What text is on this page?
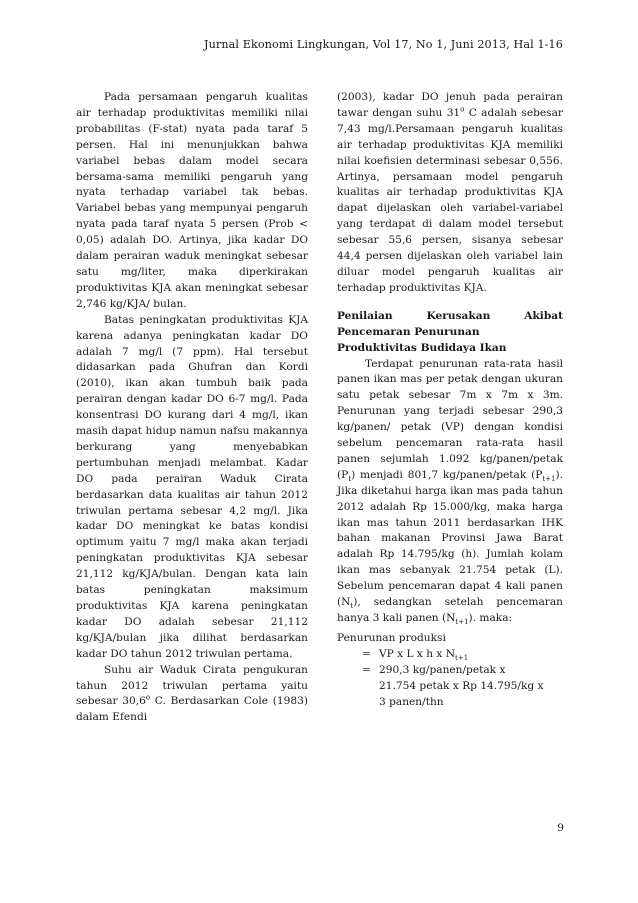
Jurnal Ekonomi Lingkungan, Vol 17, No 1, Juni 2013, Hal 1-16

Pada persamaan pengaruh kualitas air terhadap produktivitas memiliki nilai probabilitas (F-stat) nyata pada taraf 5 persen. Hal ini menunjukkan bahwa variabel bebas dalam model secara bersama-sama memiliki pengaruh yang nyata terhadap variabel tak bebas. Variabel bebas yang mempunyai pengaruh nyata pada taraf nyata 5 persen (Prob < 0,05) adalah DO. Artinya, jika kadar DO dalam perairan waduk meningkat sebesar satu mg/liter, maka diperkirakan produktivitas KJA akan meningkat sebesar 2,746 kg/KJA/ bulan.

Batas peningkatan produktivitas KJA karena adanya peningkatan kadar DO adalah 7 mg/l (7 ppm). Hal tersebut didasarkan pada Ghufran dan Kordi (2010), ikan akan tumbuh baik pada perairan dengan kadar DO 6-7 mg/l. Pada konsentrasi DO kurang dari 4 mg/l, ikan masih dapat hidup namun nafsu makannya berkurang yang menyebabkan pertumbuhan menjadi melambat. Kadar DO pada perairan Waduk Cirata berdasarkan data kualitas air tahun 2012 triwulan pertama sebesar 4,2 mg/l. Jika kadar DO meningkat ke batas kondisi optimum yaitu 7 mg/l maka akan terjadi peningkatan produktivitas KJA sebesar 21,112 kg/KJA/bulan. Dengan kata lain batas peningkatan maksimum produktivitas KJA karena peningkatan kadar DO adalah sebesar 21,112 kg/KJA/bulan jika dilihat berdasarkan kadar DO tahun 2012 triwulan pertama.

Suhu air Waduk Cirata pengukuran tahun 2012 triwulan pertama yaitu sebesar 30,6$^o$ C. Berdasarkan Cole (1983) dalam Efendi

(2003), kadar DO jenuh pada perairan tawar dengan suhu 31$^o$ C adalah sebesar 7,43 mg/l.Persamaan pengaruh kualitas air terhadap produktivitas KJA memiliki nilai koefisien determinasi sebesar 0,556. Artinya, persamaan model pengaruh kualitas air terhadap produktivitas KJA dapat dijelaskan oleh variabel-variabel yang terdapat di dalam model tersebut sebesar 55,6 persen, sisanya sebesar 44,4 persen dijelaskan oleh variabel lain diluar model pengaruh kualitas air terhadap produktivitas KJA.

Penilaian	Kerusakan	Akibat
Pencemaran Penurunan Produktivitas Budidaya Ikan

Terdapat penurunan rata-rata hasil panen ikan mas per petak dengan ukuran satu petak sebesar 7m x 7m x 3m. Penurunan yang terjadi sebesar 290,3 kg/panen/ petak (VP) dengan kondisi sebelum pencemaran rata-rata hasil panen sejumlah 1.092 kg/panen/petak $(P_t)$ menjadi 801,7 kg/panen/petak $(P_{t+1})$. Jika diketahui harga ikan mas pada tahun 2012 adalah Rp 15.000/kg, maka harga ikan mas tahun 2011 berdasarkan IHK bahan makanan Provinsi Jawa Barat adalah Rp 14.795/kg (h). Jumlah kolam ikan mas sebanyak 21.754 petak (L). Sebelum pencemaran dapat 4 kali panen $(N_t)$, sedangkan setelah pencemaran hanya 3 kali panen $(N_{t+1})$. maka:

Penurunan produksi
= VP x L x h x $N_{t+1}$
= 290,3 kg/panen/petak x
21.754 petak x Rp 14.795/kg x
3 panen/thn
9
